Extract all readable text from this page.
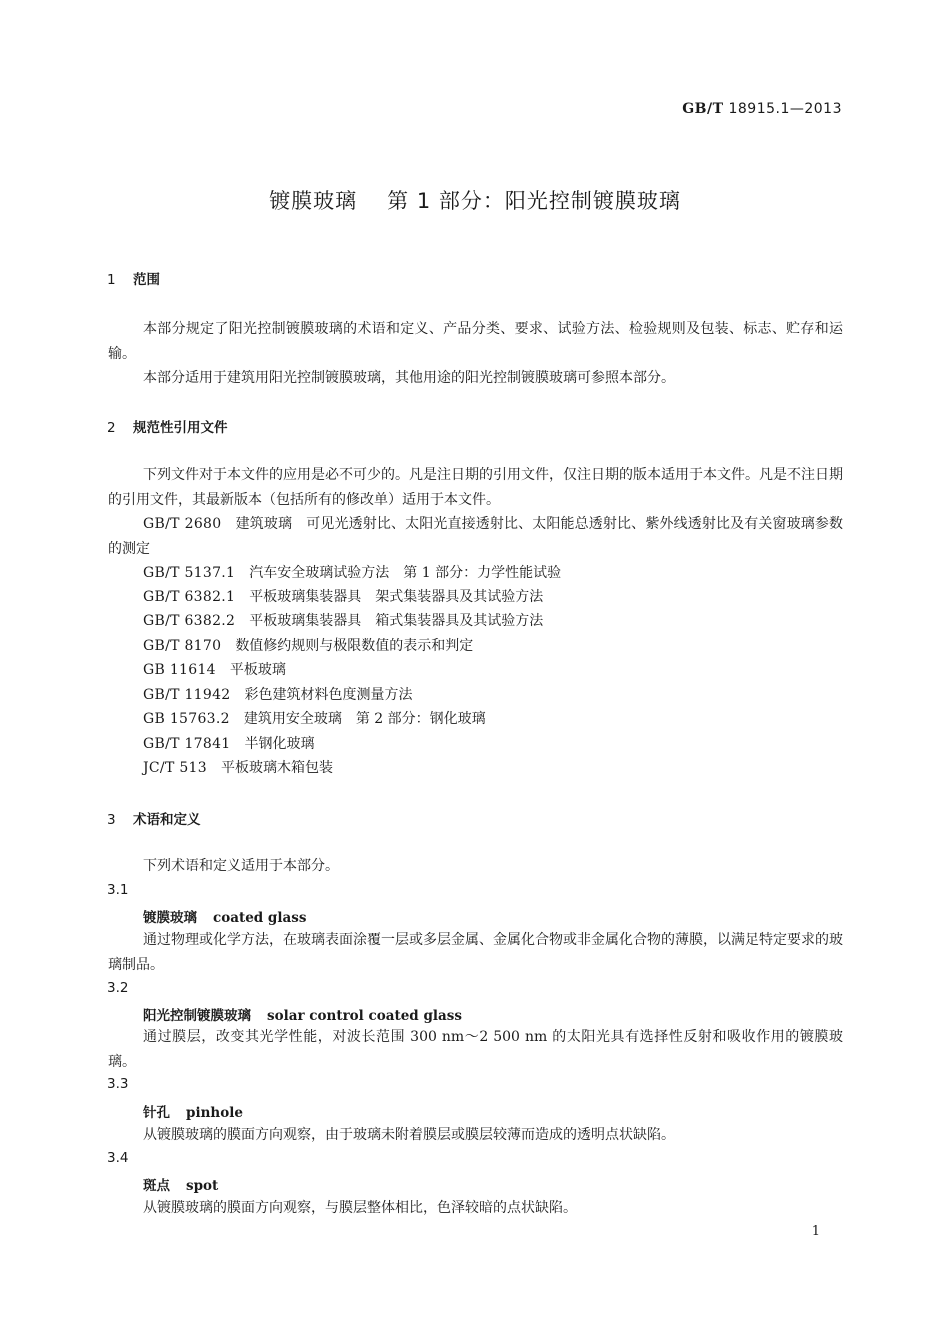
GB/T 18915.1—2013
镀膜玻璃 第 1 部分：阳光控制镀膜玻璃
1 范围
本部分规定了阳光控制镀膜玻璃的术语和定义、产品分类、要求、试验方法、检验规则及包装、标志、贮存和运输。
本部分适用于建筑用阳光控制镀膜玻璃，其他用途的阳光控制镀膜玻璃可参照本部分。
2 规范性引用文件
下列文件对于本文件的应用是必不可少的。凡是注日期的引用文件，仅注日期的版本适用于本文件。凡是不注日期的引用文件，其最新版本（包括所有的修改单）适用于本文件。
GB/T 2680 建筑玻璃　可见光透射比、太阳光直接透射比、太阳能总透射比、紫外线透射比及有关窗玻璃参数的测定
GB/T 5137.1 汽车安全玻璃试验方法　第 1 部分：力学性能试验
GB/T 6382.1 平板玻璃集装器具　架式集装器具及其试验方法
GB/T 6382.2 平板玻璃集装器具　箱式集装器具及其试验方法
GB/T 8170 数值修约规则与极限数值的表示和判定
GB 11614 平板玻璃
GB/T 11942 彩色建筑材料色度测量方法
GB 15763.2 建筑用安全玻璃　第 2 部分：钢化玻璃
GB/T 17841 半钢化玻璃
JC/T 513 平板玻璃木箱包装
3 术语和定义
下列术语和定义适用于本部分。
3.1
镀膜玻璃 coated glass
通过物理或化学方法，在玻璃表面涂覆一层或多层金属、金属化合物或非金属化合物的薄膜，以满足特定要求的玻璃制品。
3.2
阳光控制镀膜玻璃 solar control coated glass
通过膜层，改变其光学性能，对波长范围 300 nm～2 500 nm 的太阳光具有选择性反射和吸收作用的镀膜玻璃。
3.3
针孔 pinhole
从镀膜玻璃的膜面方向观察，由于玻璃未附着膜层或膜层较薄而造成的透明点状缺陷。
3.4
斑点 spot
从镀膜玻璃的膜面方向观察，与膜层整体相比，色泽较暗的点状缺陷。
1
